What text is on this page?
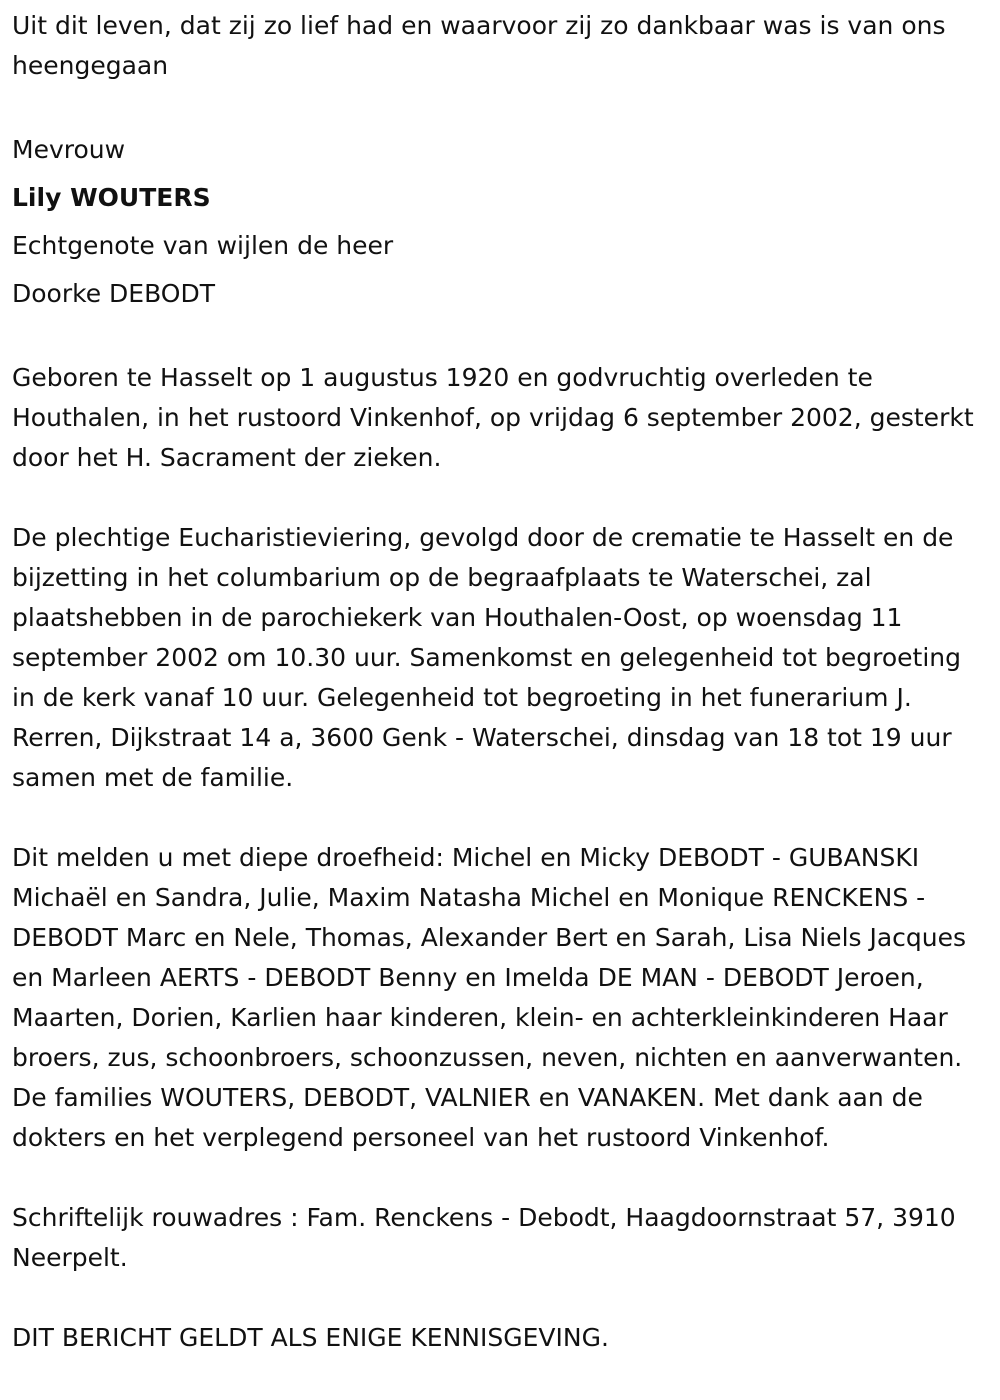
Uit dit leven, dat zij zo lief had en waarvoor zij zo dankbaar was is van ons heengegaan

Mevrouw

Lily WOUTERS

Echtgenote van wijlen de heer

Doorke DEBODT

Geboren te Hasselt op 1 augustus 1920 en godvruchtig overleden te Houthalen, in het rustoord Vinkenhof, op vrijdag 6 september 2002, gesterkt door het H. Sacrament der zieken.

De plechtige Eucharistieviering, gevolgd door de crematie te Hasselt en de bijzetting in het columbarium op de begraafplaats te Waterschei, zal plaatshebben in de parochiekerk van Houthalen-Oost, op woensdag 11 september 2002 om 10.30 uur. Samenkomst en gelegenheid tot begroeting in de kerk vanaf 10 uur. Gelegenheid tot begroeting in het funerarium J. Rerren, Dijkstraat 14 a, 3600 Genk - Waterschei, dinsdag van 18 tot 19 uur samen met de familie.

Dit melden u met diepe droefheid: Michel en Micky DEBODT - GUBANSKI Michaël en Sandra, Julie, Maxim Natasha Michel en Monique RENCKENS - DEBODT Marc en Nele, Thomas, Alexander Bert en Sarah, Lisa Niels Jacques en Marleen AERTS - DEBODT Benny en Imelda DE MAN - DEBODT Jeroen, Maarten, Dorien, Karlien haar kinderen, klein- en achterkleinkinderen Haar broers, zus, schoonbroers, schoonzussen, neven, nichten en aanverwanten. De families WOUTERS, DEBODT, VALNIER en VANAKEN. Met dank aan de dokters en het verplegend personeel van het rustoord Vinkenhof.

Schriftelijk rouwadres : Fam. Renckens - Debodt, Haagdoornstraat 57, 3910 Neerpelt.

DIT BERICHT GELDT ALS ENIGE KENNISGEVING.
